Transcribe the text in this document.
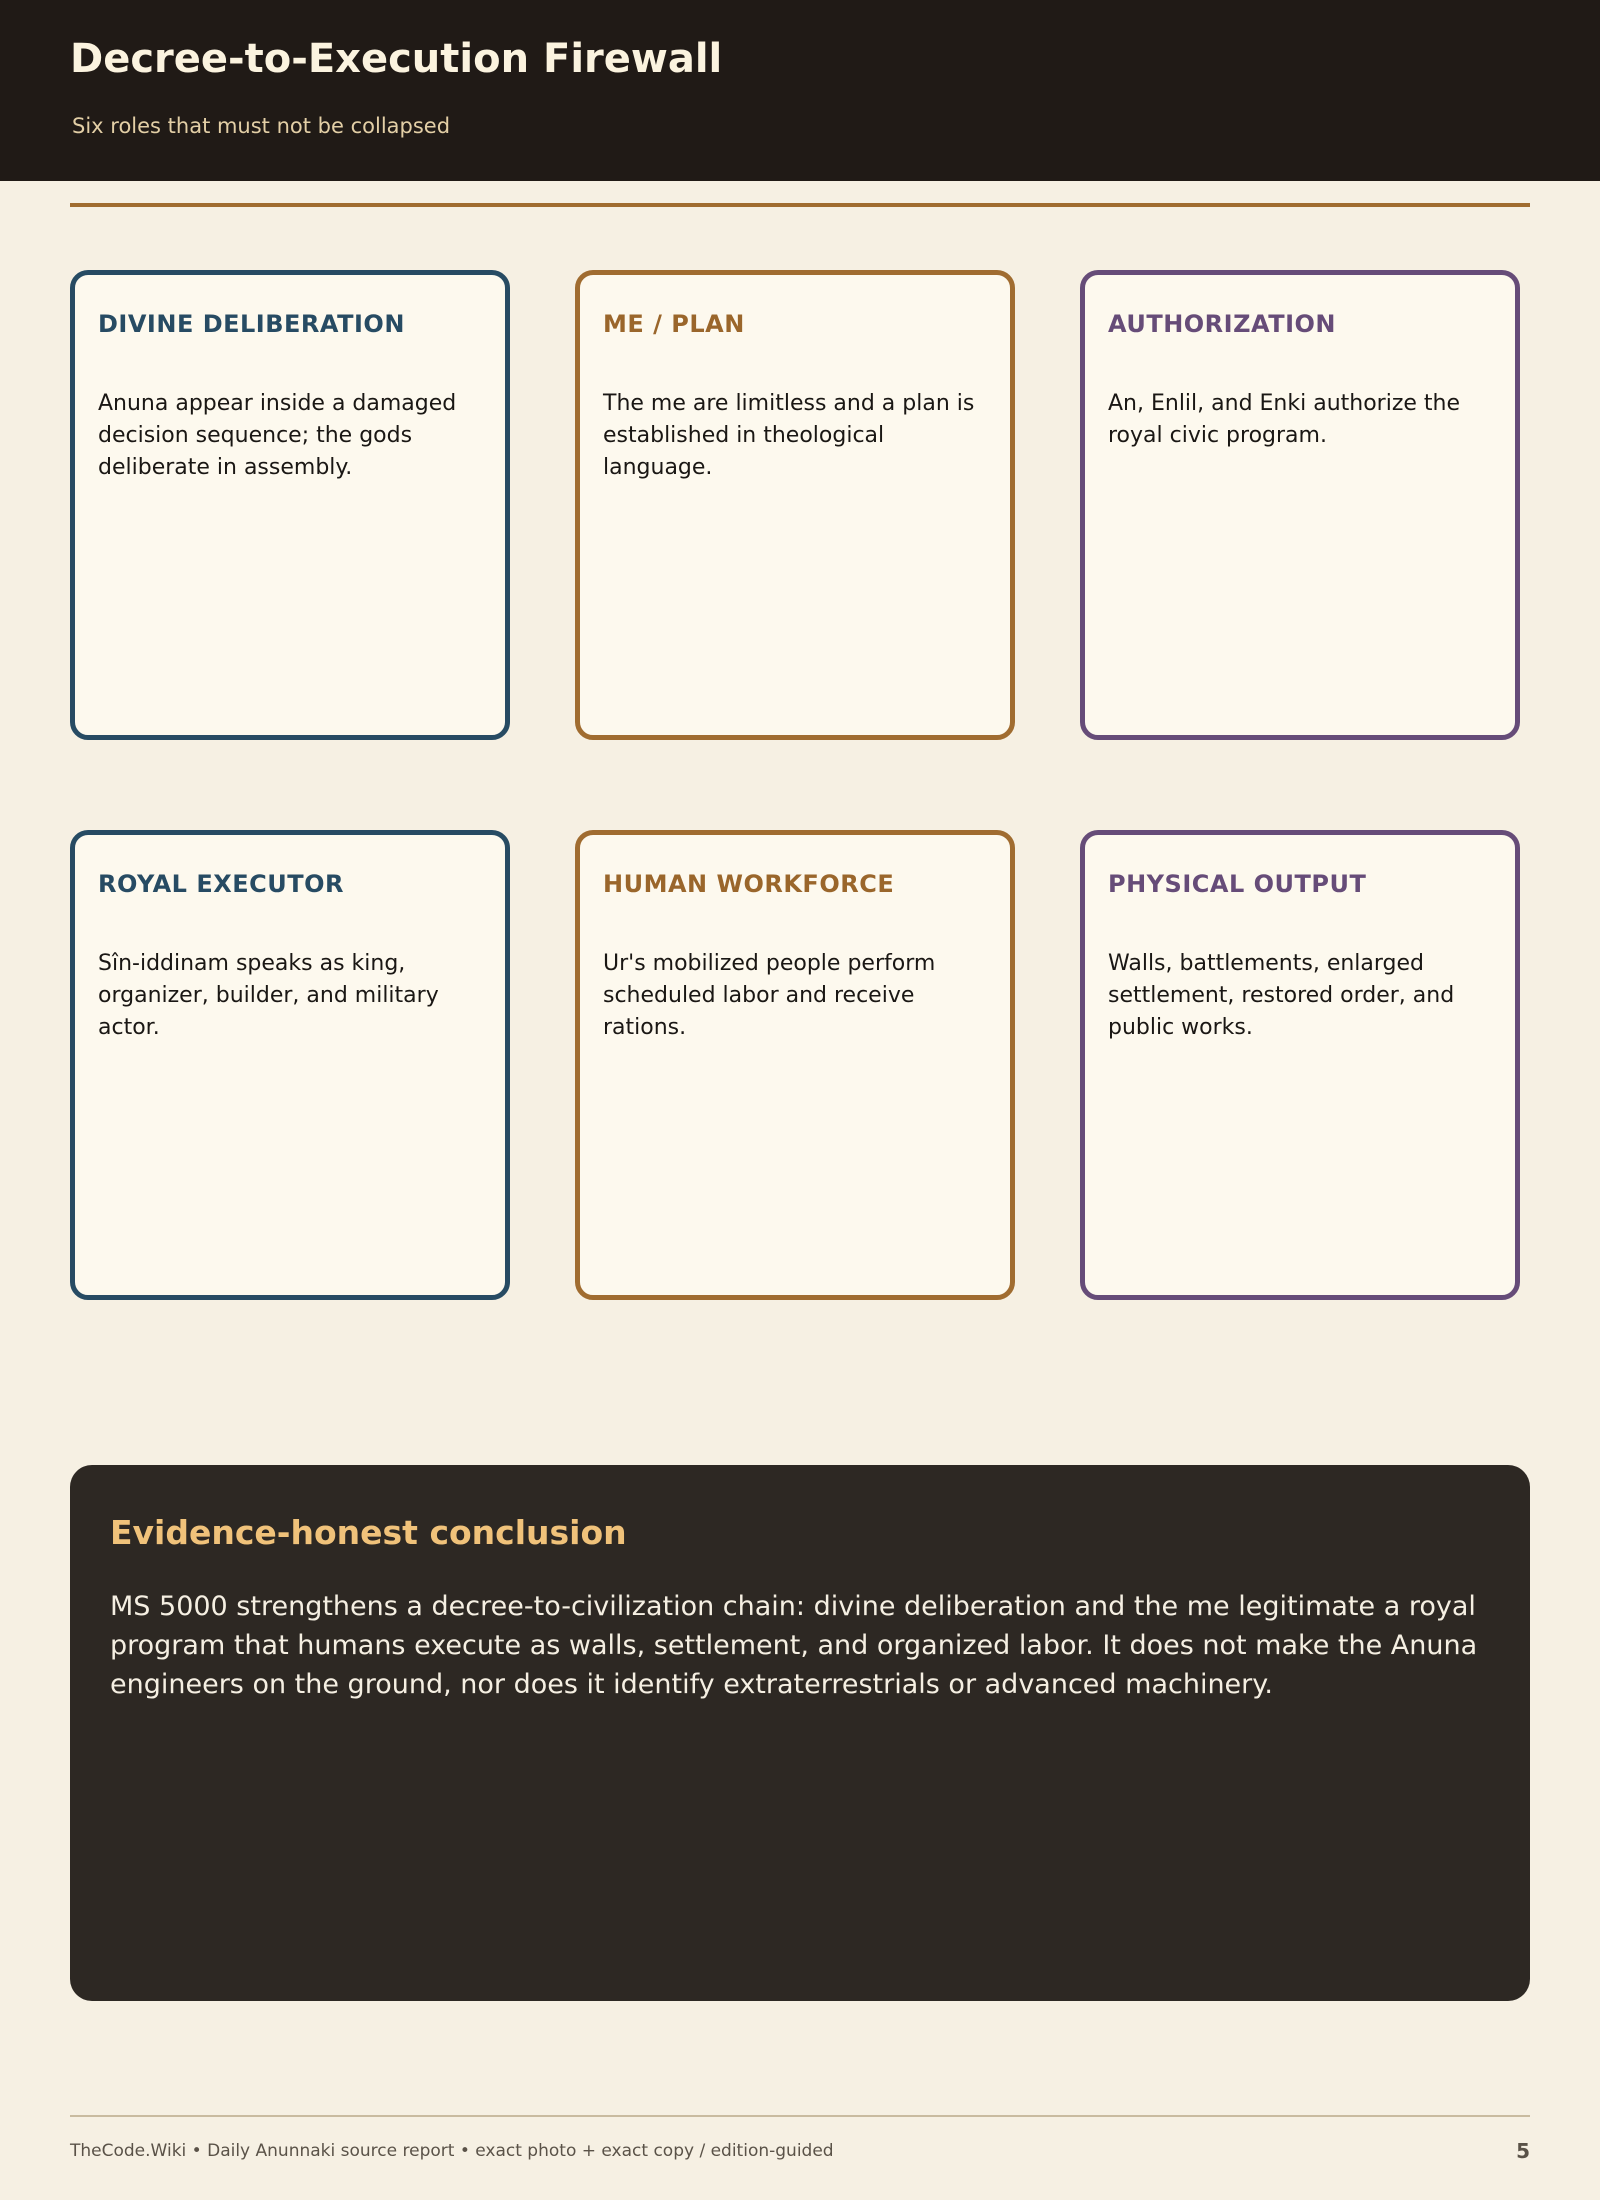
Decree-to-Execution Firewall
Six roles that must not be collapsed
DIVINE DELIBERATION
Anuna appear inside a damaged decision sequence; the gods deliberate in assembly.
ME / PLAN
The me are limitless and a plan is established in theological language.
AUTHORIZATION
An, Enlil, and Enki authorize the royal civic program.
ROYAL EXECUTOR
Sîn-iddinam speaks as king, organizer, builder, and military actor.
HUMAN WORKFORCE
Ur's mobilized people perform scheduled labor and receive rations.
PHYSICAL OUTPUT
Walls, battlements, enlarged settlement, restored order, and public works.
Evidence-honest conclusion
MS 5000 strengthens a decree-to-civilization chain: divine deliberation and the me legitimate a royal program that humans execute as walls, settlement, and organized labor. It does not make the Anuna engineers on the ground, nor does it identify extraterrestrials or advanced machinery.
TheCode.Wiki • Daily Anunnaki source report • exact photo + exact copy / edition-guided	5
